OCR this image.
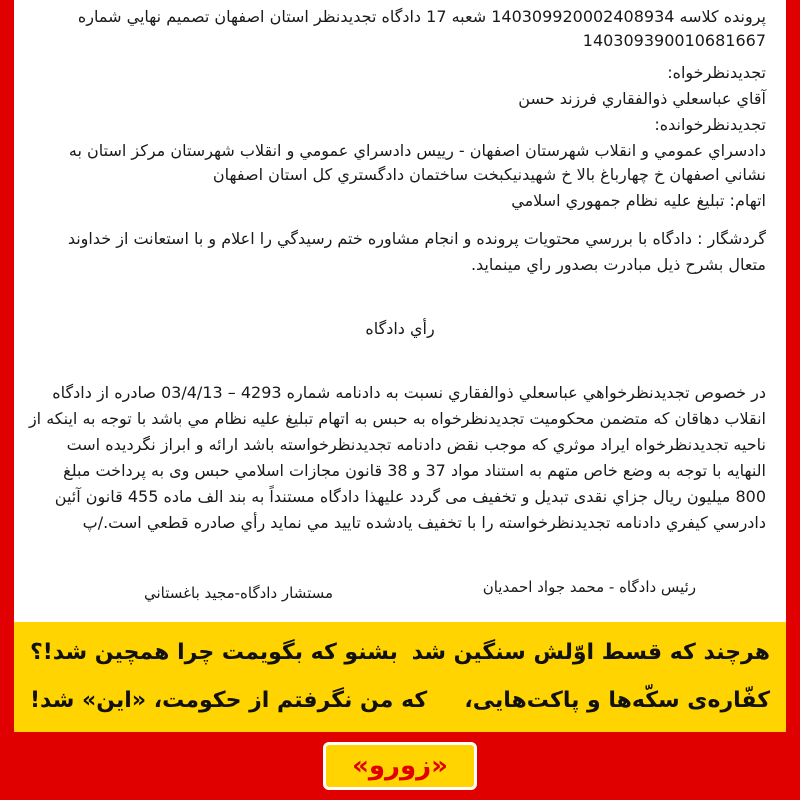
پرونده كلاسه 140309920002408934 شعبه 17 دادگاه تجديدنظر استان اصفهان تصميم نهايي شماره
140309390010681667
تجديدنظرخواه:
آقاي عباسعلي ذوالفقاري فرزند حسن
تجديدنظرخوانده:
دادسراي عمومي و انقلاب شهرستان اصفهان - رييس دادسراي عمومي و انقلاب شهرستان مركز استان به
نشاني اصفهان خ چهارباغ بالا خ شهيدنيكبخت ساختمان دادگستري كل استان اصفهان
اتهام: تبليغ عليه نظام جمهوري اسلامي
گردشگار : دادگاه با بررسي محتويات پرونده و انجام مشاوره ختم رسيدگي را اعلام و با استعانت از خداوند
متعال بشرح ذيل مبادرت بصدور راي مينمايد.
رأي دادگاه
در خصوص تجديدنظرخواهي عباسعلي ذوالفقاري نسبت به دادنامه شماره 4293 – 03/4/13 صادره از دادگاه
انقلاب دهاقان كه متضمن محكوميت تجديدنظرخواه به حبس به اتهام تبليغ عليه نظام مي باشد با توجه به اينكه از
ناحيه تجديدنظرخواه ايراد موثري كه موجب نقض دادنامه تجديدنظرخواسته باشد ارائه و ابراز نگرديده است
النهايه با توجه به وضع خاص متهم به استناد مواد 37 و 38 قانون مجازات اسلامي حبس وی به پرداخت مبلغ
800 ميليون ريال جزاي نقدی تبديل و تخفيف می گردد عليهذا دادگاه مستنداً به بند الف ماده 455 قانون آئين
دادرسي كيفري دادنامه تجديدنظرخواسته را با تخفيف يادشده تاييد مي نمايد رأي صادره قطعي است./پ
رئيس دادگاه - محمد جواد احمديان
مستشار دادگاه-مجيد باغستاني
هرچند که قسط اوّلش سنگین شد
کفّاره‌ی سکّه‌ها و پاکت‌هایی،
بشنو که بگویمت چرا همچین شد!؟
که من نگرفتم از حکومت، «این» شد!
«زورو»
